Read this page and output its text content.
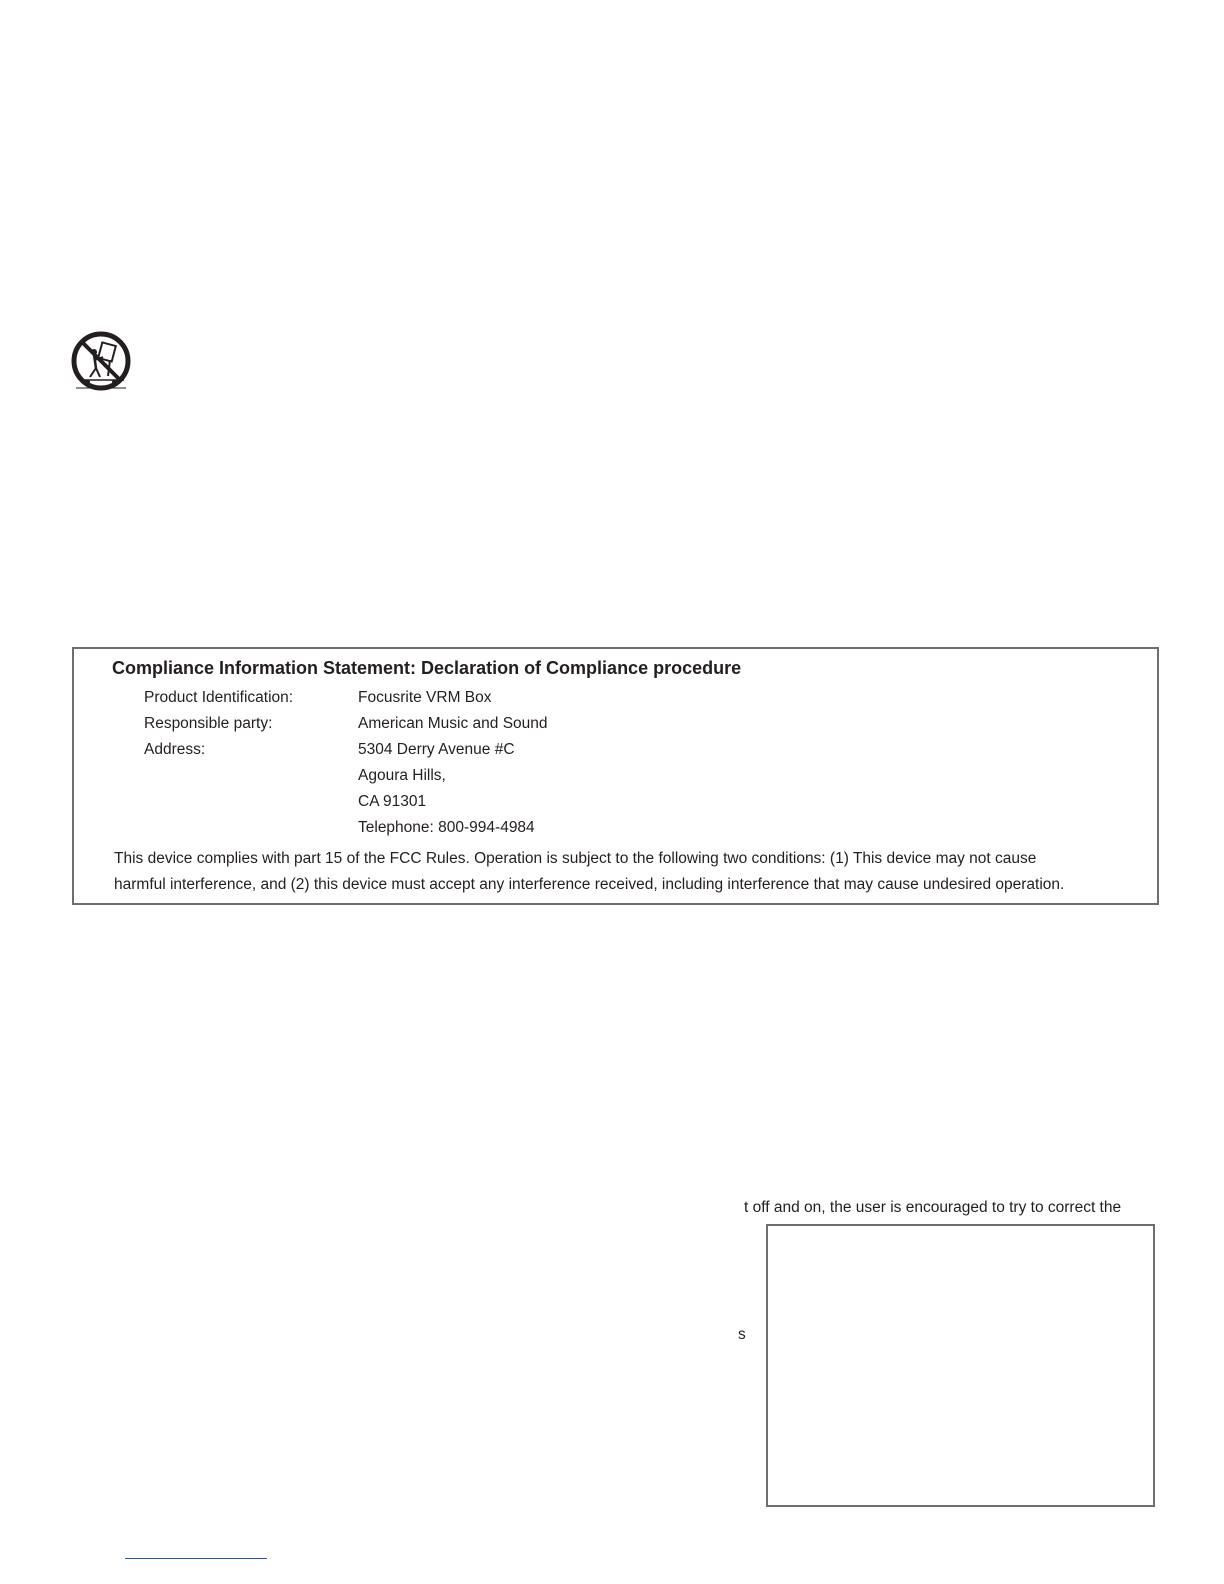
Compliance Information Statement: Declaration of Compliance procedure
Product Identification:	Focusrite VRM Box
Responsible party:	American Music and Sound
Address:	5304 Derry Avenue #C
Agoura Hills,
CA 91301
Telephone: 800-994-4984

This device complies with part 15 of the FCC Rules. Operation is subject to the following two conditions: (1) This device may not cause
harmful interference, and (2) this device must accept any interference received, including interference that may cause undesired operation.

t off and on, the user is encouraged to try to correct the
s
